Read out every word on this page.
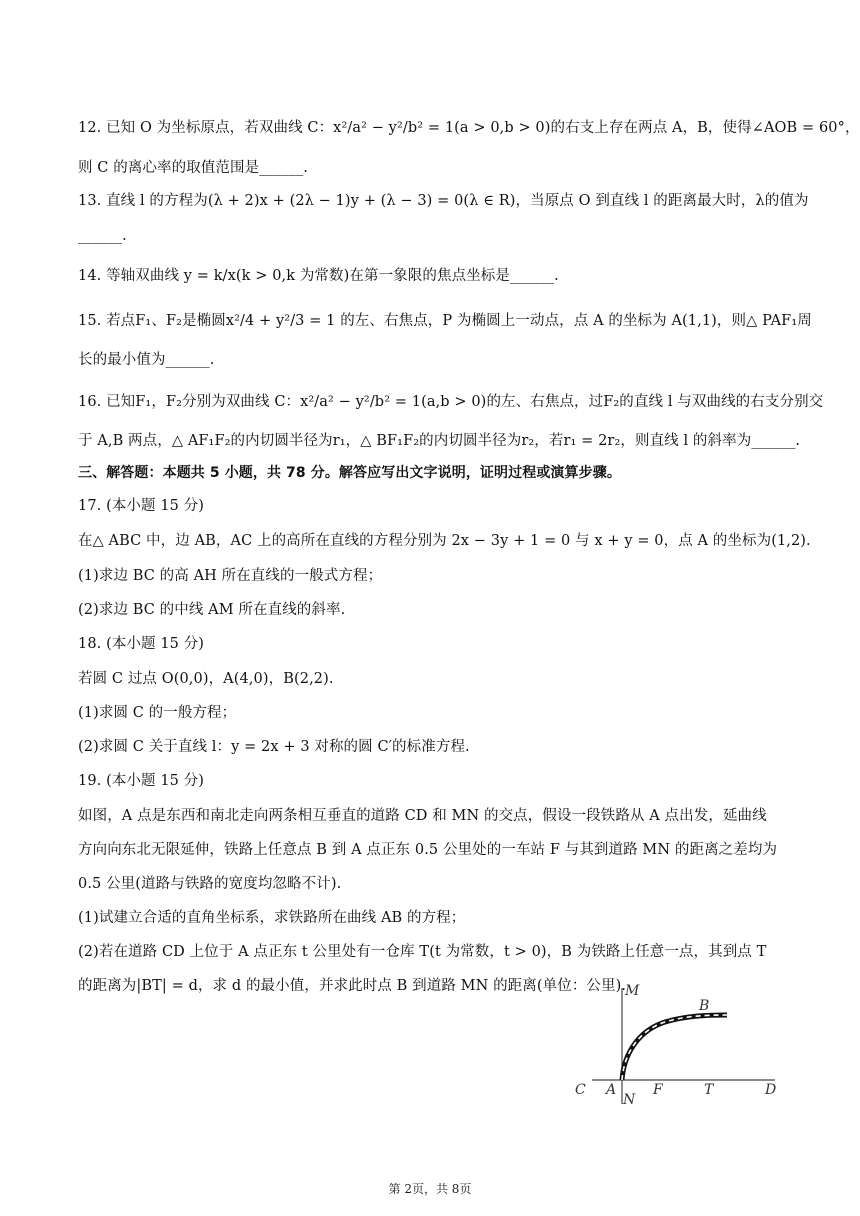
12. 已知 O 为坐标原点，若双曲线 C：x²/a² − y²/b² = 1(a > 0,b > 0)的右支上存在两点 A，B，使得∠AOB = 60°，
则 C 的离心率的取值范围是______.
13. 直线 l 的方程为(λ + 2)x + (2λ − 1)y + (λ − 3) = 0(λ ∈ R)，当原点 O 到直线 l 的距离最大时，λ的值为
______.
14. 等轴双曲线 y = k/x(k > 0,k 为常数)在第一象限的焦点坐标是______.
15. 若点F₁、F₂是椭圆x²/4 + y²/3 = 1 的左、右焦点，P 为椭圆上一动点，点 A 的坐标为 A(1,1)，则△ PAF₁周
长的最小值为______.
16. 已知F₁，F₂分别为双曲线 C：x²/a² − y²/b² = 1(a,b > 0)的左、右焦点，过F₂的直线 l 与双曲线的右支分别交
于 A,B 两点，△ AF₁F₂的内切圆半径为r₁，△ BF₁F₂的内切圆半径为r₂，若r₁ = 2r₂，则直线 l 的斜率为______.
三、解答题：本题共 5 小题，共 78 分。解答应写出文字说明，证明过程或演算步骤。
17. (本小题 15 分)
在△ ABC 中，边 AB，AC 上的高所在直线的方程分别为 2x − 3y + 1 = 0 与 x + y = 0，点 A 的坐标为(1,2).
(1)求边 BC 的高 AH 所在直线的一般式方程；
(2)求边 BC 的中线 AM 所在直线的斜率.
18. (本小题 15 分)
若圆 C 过点 O(0,0)，A(4,0)，B(2,2).
(1)求圆 C 的一般方程；
(2)求圆 C 关于直线 l：y = 2x + 3 对称的圆 C′的标准方程.
19. (本小题 15 分)
如图，A 点是东西和南北走向两条相互垂直的道路 CD 和 MN 的交点，假设一段铁路从 A 点出发，延曲线
方向向东北无限延伸，铁路上任意点 B 到 A 点正东 0.5 公里处的一车站 F 与其到道路 MN 的距离之差均为
0.5 公里(道路与铁路的宽度均忽略不计).
(1)试建立合适的直角坐标系，求铁路所在曲线 AB 的方程；
(2)若在道路 CD 上位于 A 点正东 t 公里处有一仓库 T(t 为常数，t > 0)，B 为铁路上任意一点，其到点 T
的距离为|BT| = d，求 d 的最小值，并求此时点 B 到道路 MN 的距离(单位：公里).
M
B
C A	F	T	D
N
第 2页，共 8页
